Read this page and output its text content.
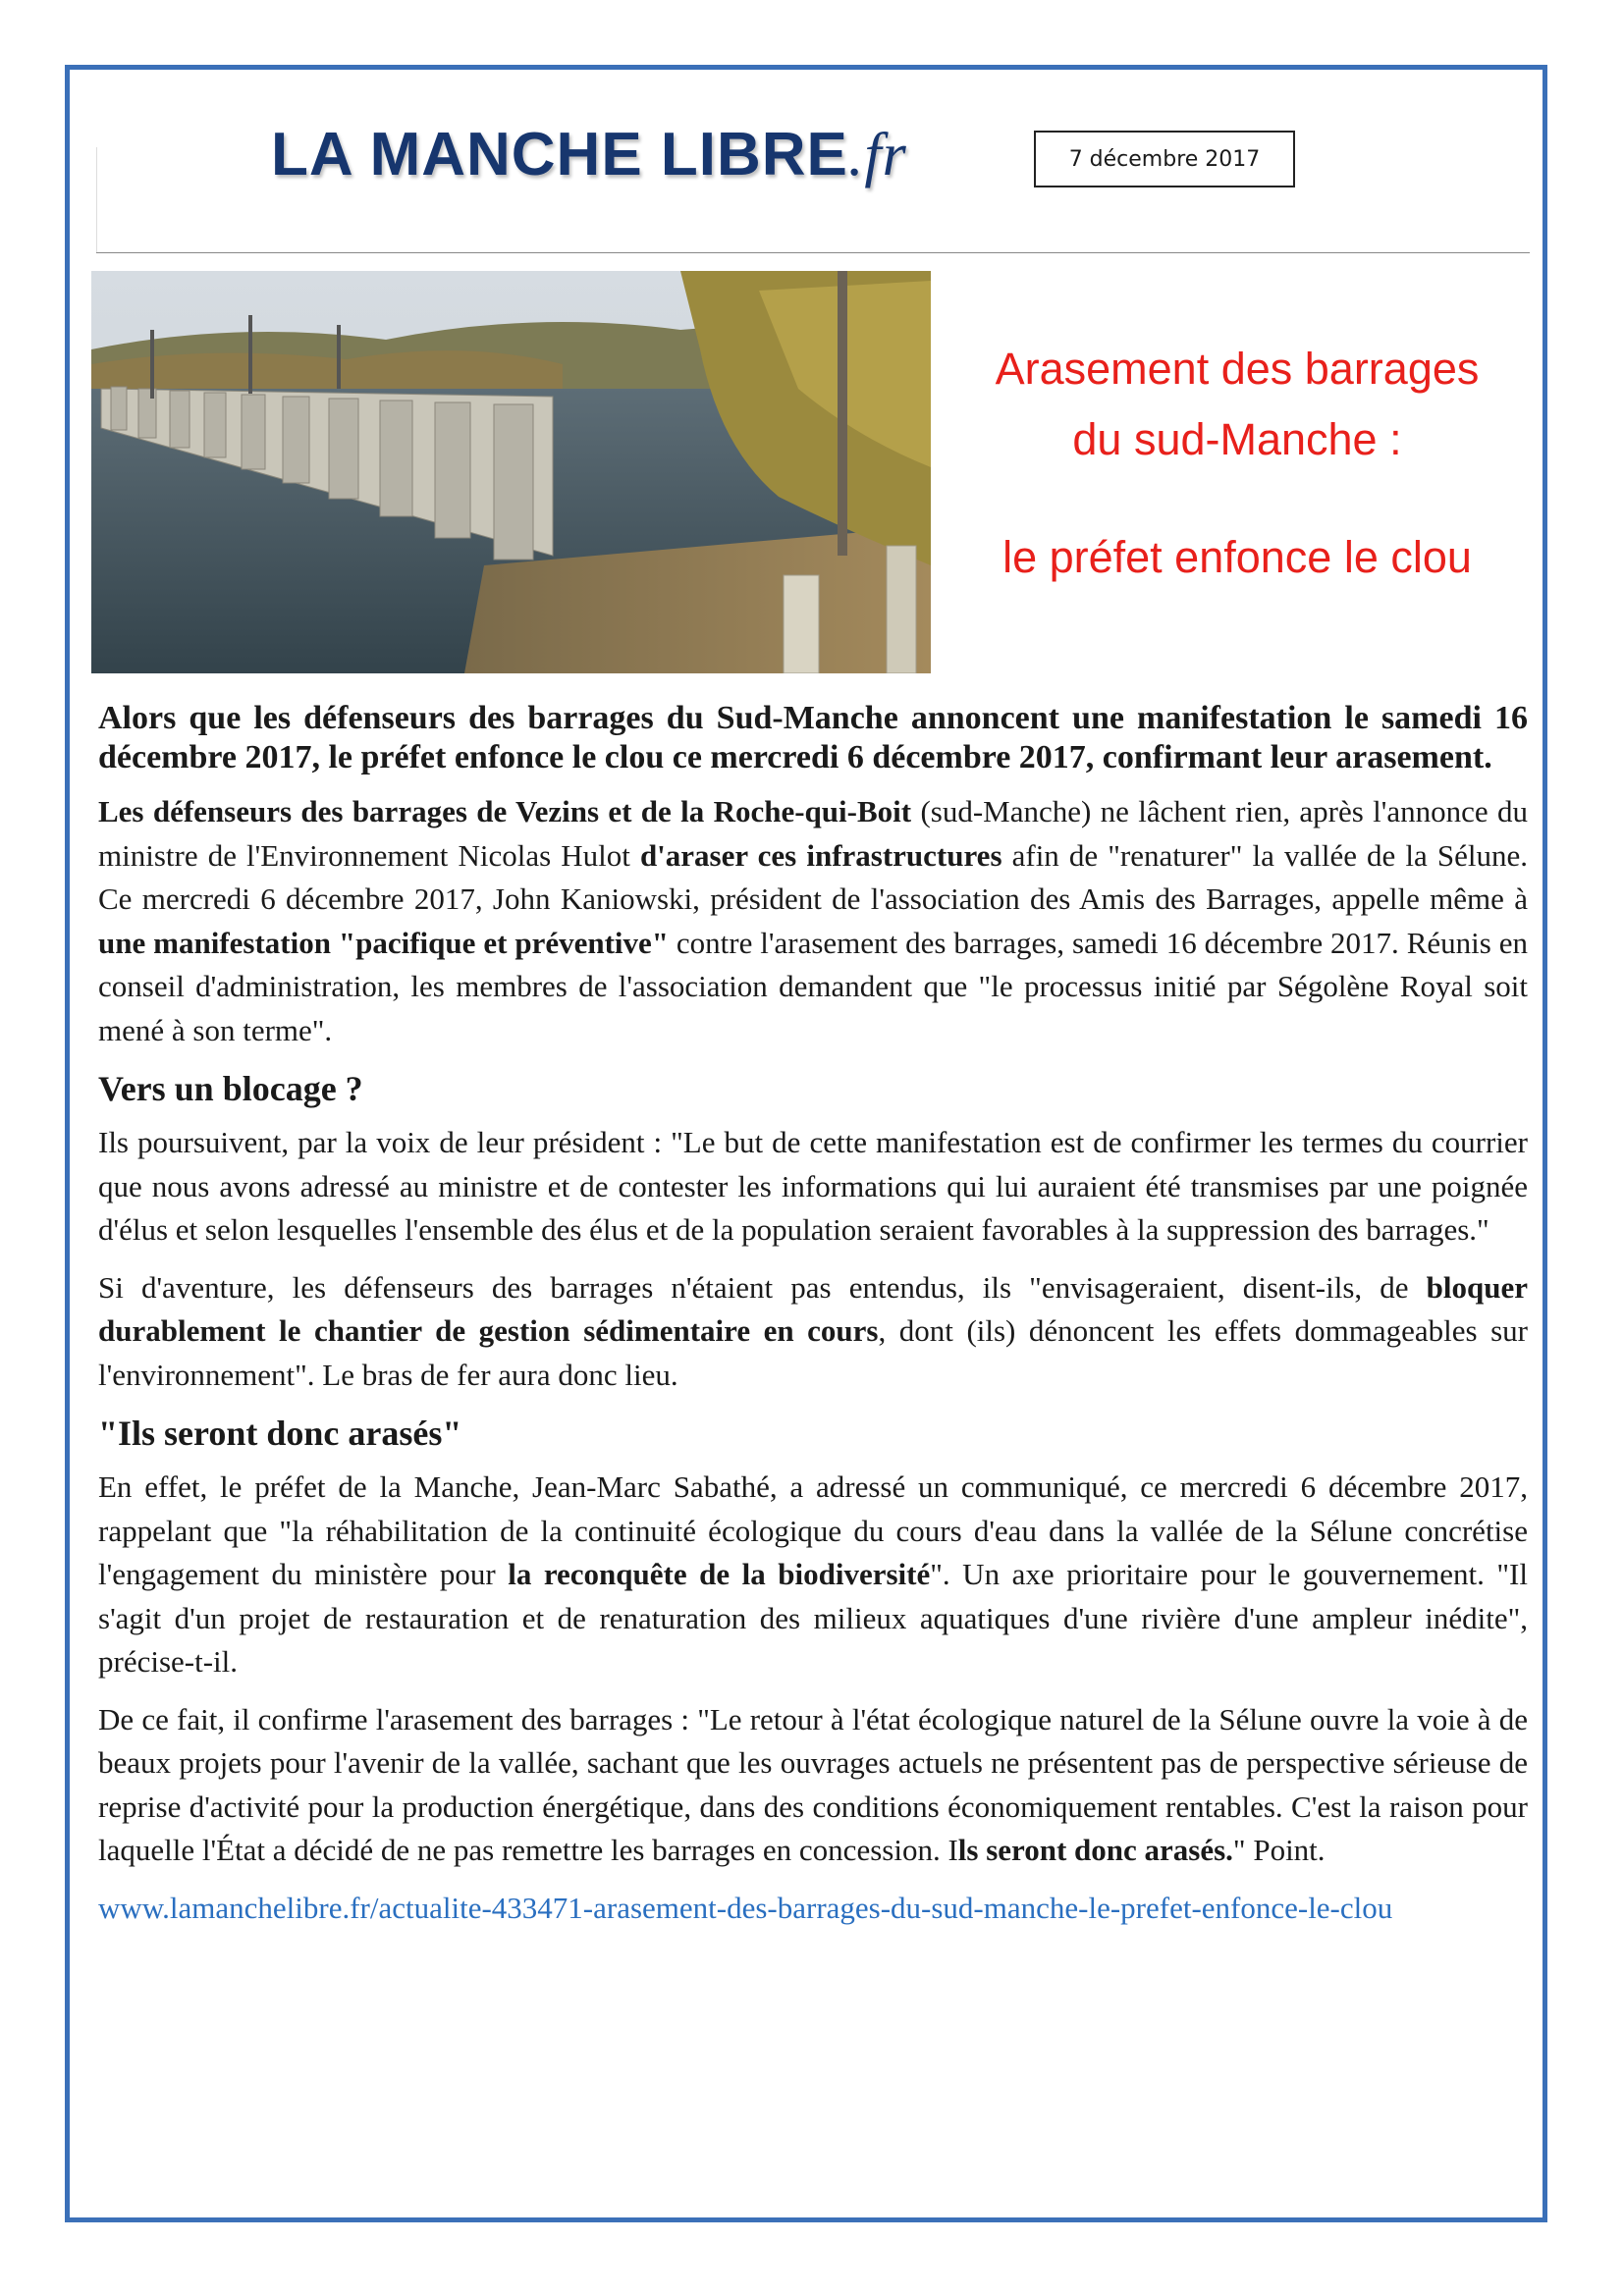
LA MANCHE LIBRE.fr	7 décembre 2017
Arasement des barrages
du sud-Manche :
le préfet enfonce le clou

Alors que les défenseurs des barrages du Sud-Manche annoncent une manifestation le samedi 16 décembre 2017, le préfet enfonce le clou ce mercredi 6 décembre 2017, confirmant leur arasement.

Les défenseurs des barrages de Vezins et de la Roche-qui-Boit (sud-Manche) ne lâchent rien, après l'annonce du ministre de l'Environnement Nicolas Hulot d'araser ces infrastructures afin de "renaturer" la vallée de la Sélune. Ce mercredi 6 décembre 2017, John Kaniowski, président de l'association des Amis des Barrages, appelle même à une manifestation "pacifique et préventive" contre l'arasement des barrages, samedi 16 décembre 2017. Réunis en conseil d'administration, les membres de l'association demandent que "le processus initié par Ségolène Royal soit mené à son terme".

Vers un blocage ?

Ils poursuivent, par la voix de leur président : "Le but de cette manifestation est de confirmer les termes du courrier que nous avons adressé au ministre et de contester les informations qui lui auraient été transmises par une poignée d'élus et selon lesquelles l'ensemble des élus et de la population seraient favorables à la suppression des barrages."

Si d'aventure, les défenseurs des barrages n'étaient pas entendus, ils "envisageraient, disent-ils, de bloquer durablement le chantier de gestion sédimentaire en cours, dont (ils) dénoncent les effets dommageables sur l'environnement". Le bras de fer aura donc lieu.

"Ils seront donc arasés"

En effet, le préfet de la Manche, Jean-Marc Sabathé, a adressé un communiqué, ce mercredi 6 décembre 2017, rappelant que "la réhabilitation de la continuité écologique du cours d'eau dans la vallée de la Sélune concrétise l'engagement du ministère pour la reconquête de la biodiversité". Un axe prioritaire pour le gouvernement. "Il s'agit d'un projet de restauration et de renaturation des milieux aquatiques d'une rivière d'une ampleur inédite", précise-t-il.

De ce fait, il confirme l'arasement des barrages : "Le retour à l'état écologique naturel de la Sélune ouvre la voie à de beaux projets pour l'avenir de la vallée, sachant que les ouvrages actuels ne présentent pas de perspective sérieuse de reprise d'activité pour la production énergétique, dans des conditions économiquement rentables. C'est la raison pour laquelle l'État a décidé de ne pas remettre les barrages en concession. Ils seront donc arasés." Point.

www.lamanchelibre.fr/actualite-433471-arasement-des-barrages-du-sud-manche-le-prefet-enfonce-le-clou
